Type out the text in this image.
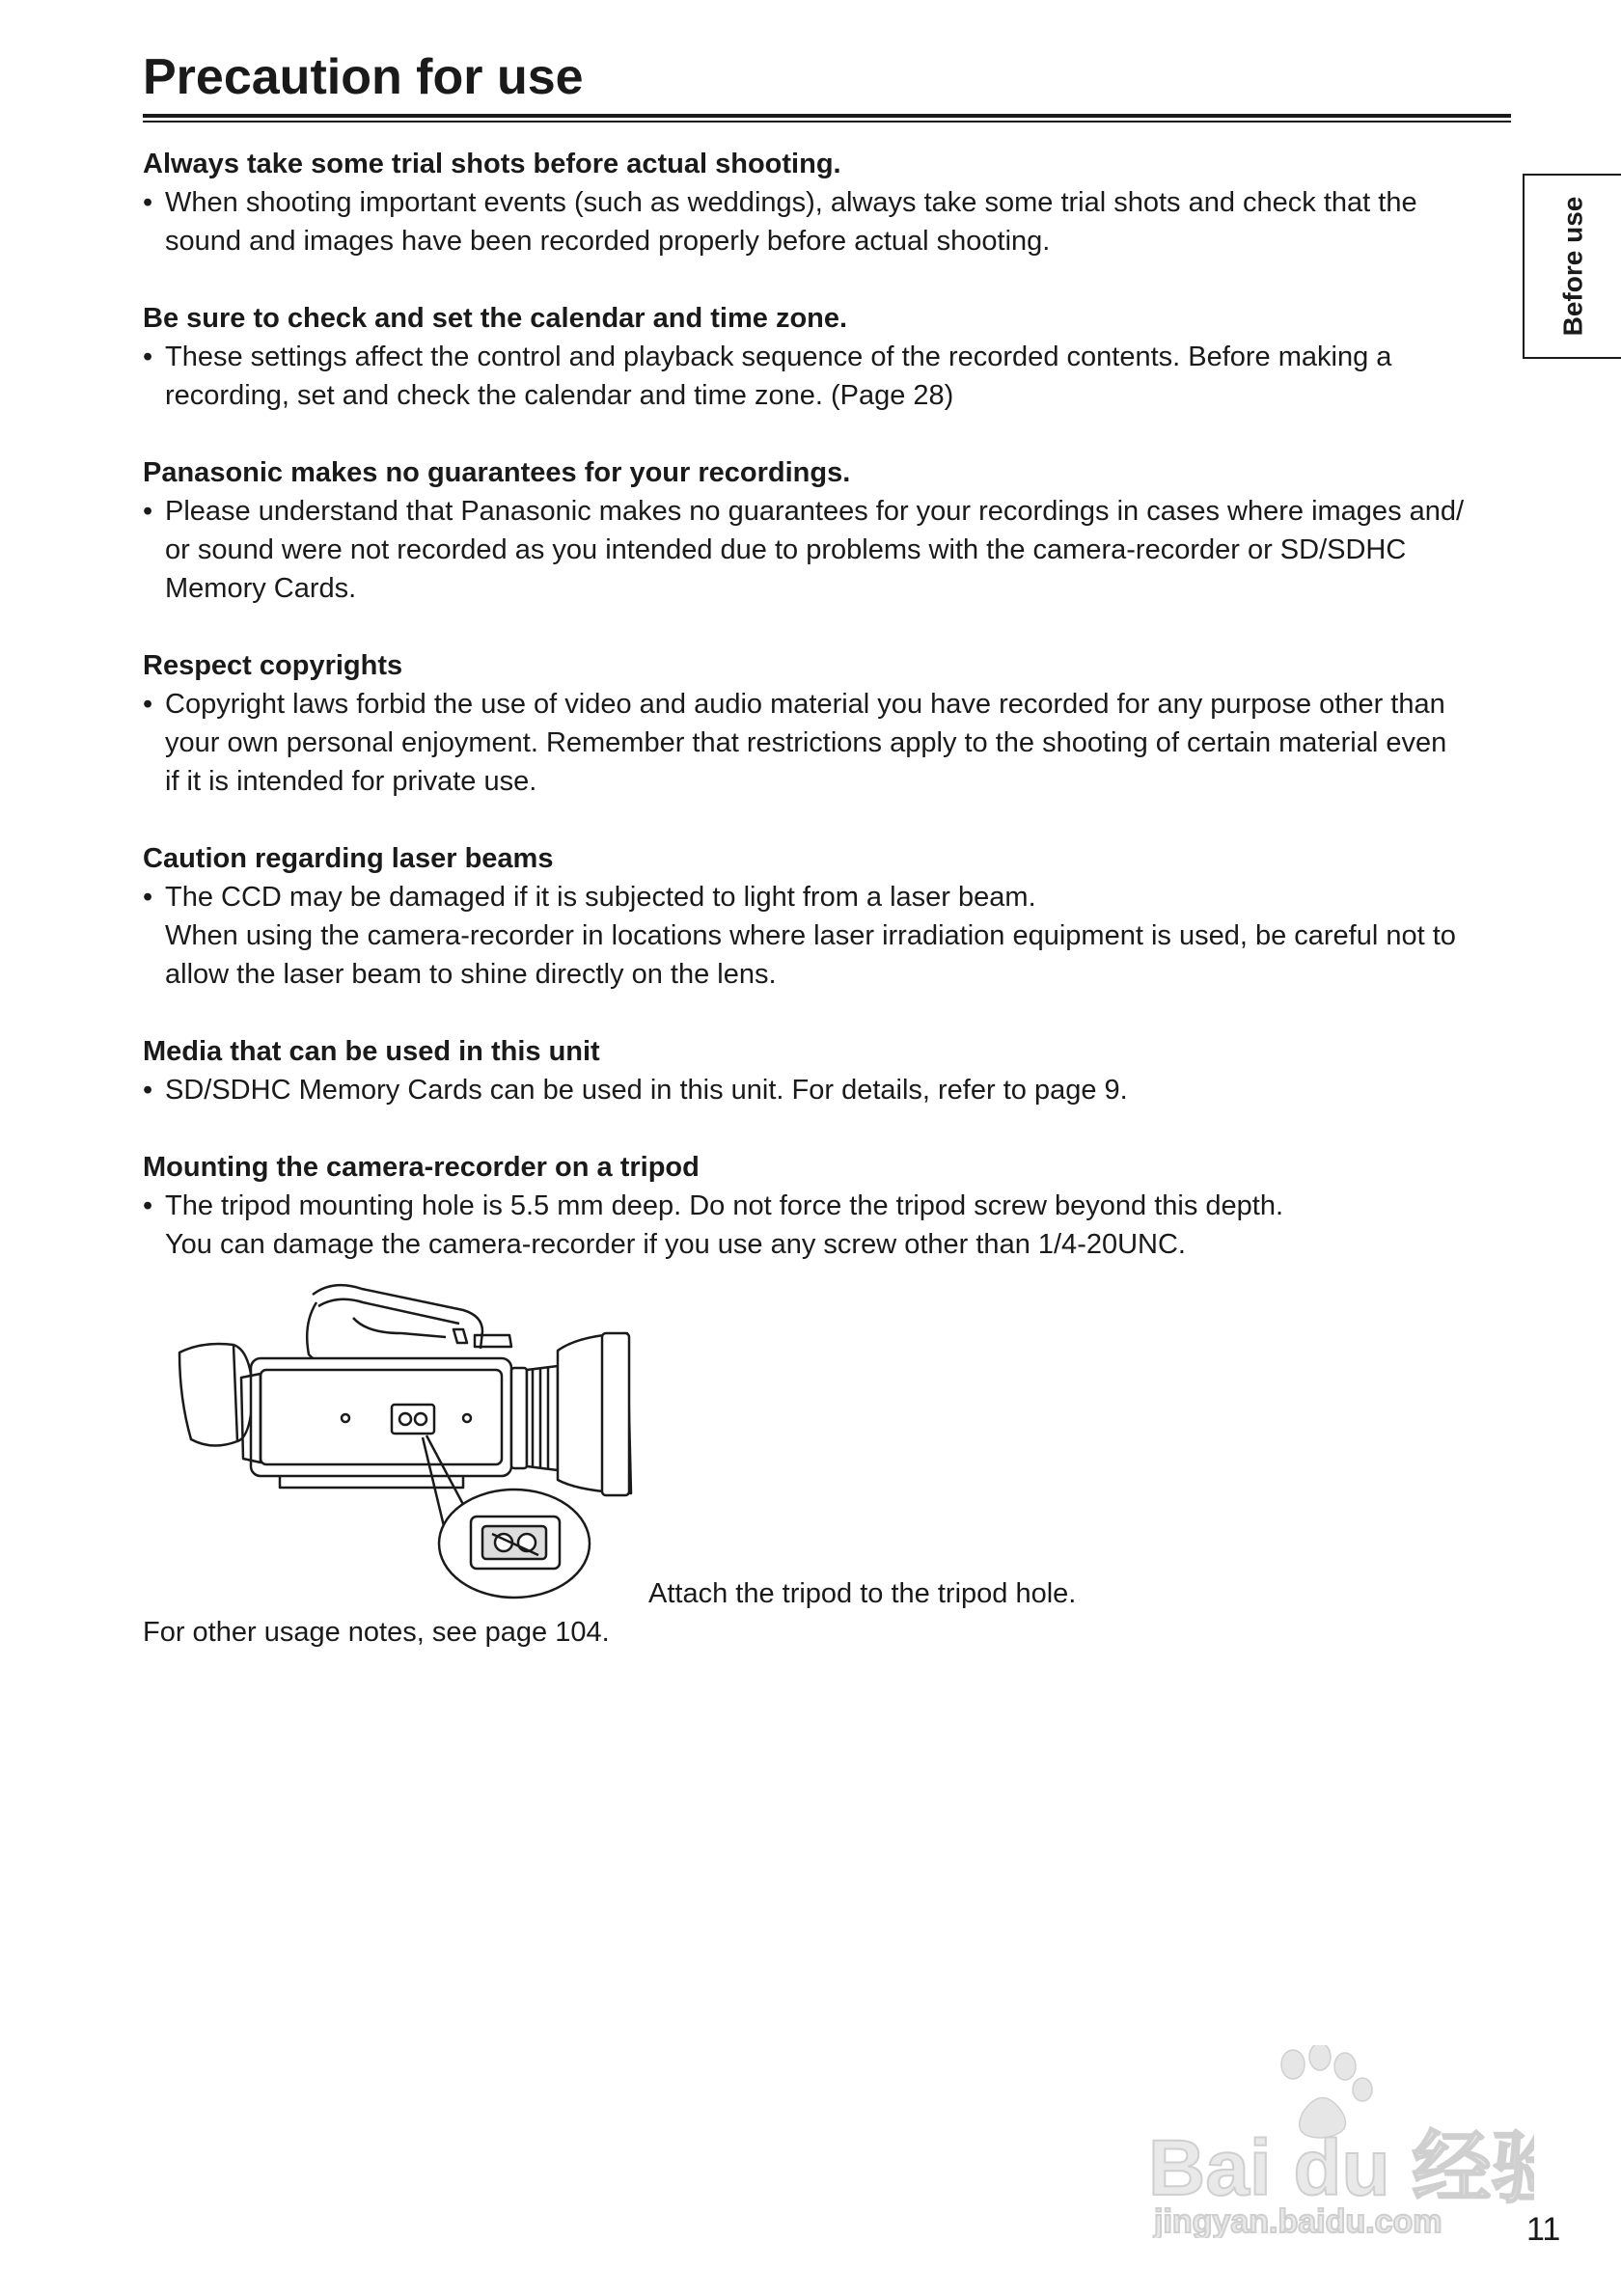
Precaution for use
Before use
Always take some trial shots before actual shooting.
• When shooting important events (such as weddings), always take some trial shots and check that the
sound and images have been recorded properly before actual shooting.
Be sure to check and set the calendar and time zone.
• These settings affect the control and playback sequence of the recorded contents. Before making a
recording, set and check the calendar and time zone. (Page 28)
Panasonic makes no guarantees for your recordings.
• Please understand that Panasonic makes no guarantees for your recordings in cases where images and/
or sound were not recorded as you intended due to problems with the camera-recorder or SD/SDHC
Memory Cards.
Respect copyrights
• Copyright laws forbid the use of video and audio material you have recorded for any purpose other than
your own personal enjoyment. Remember that restrictions apply to the shooting of certain material even
if it is intended for private use.
Caution regarding laser beams
• The CCD may be damaged if it is subjected to light from a laser beam.
When using the camera-recorder in locations where laser irradiation equipment is used, be careful not to
allow the laser beam to shine directly on the lens.
Media that can be used in this unit
• SD/SDHC Memory Cards can be used in this unit. For details, refer to page 9.
Mounting the camera-recorder on a tripod
• The tripod mounting hole is 5.5 mm deep. Do not force the tripod screw beyond this depth.
You can damage the camera-recorder if you use any screw other than 1/4-20UNC.
Attach the tripod to the tripod hole.
For other usage notes, see page 104.
Bai du 经验
jingyan.baidu.com	11
